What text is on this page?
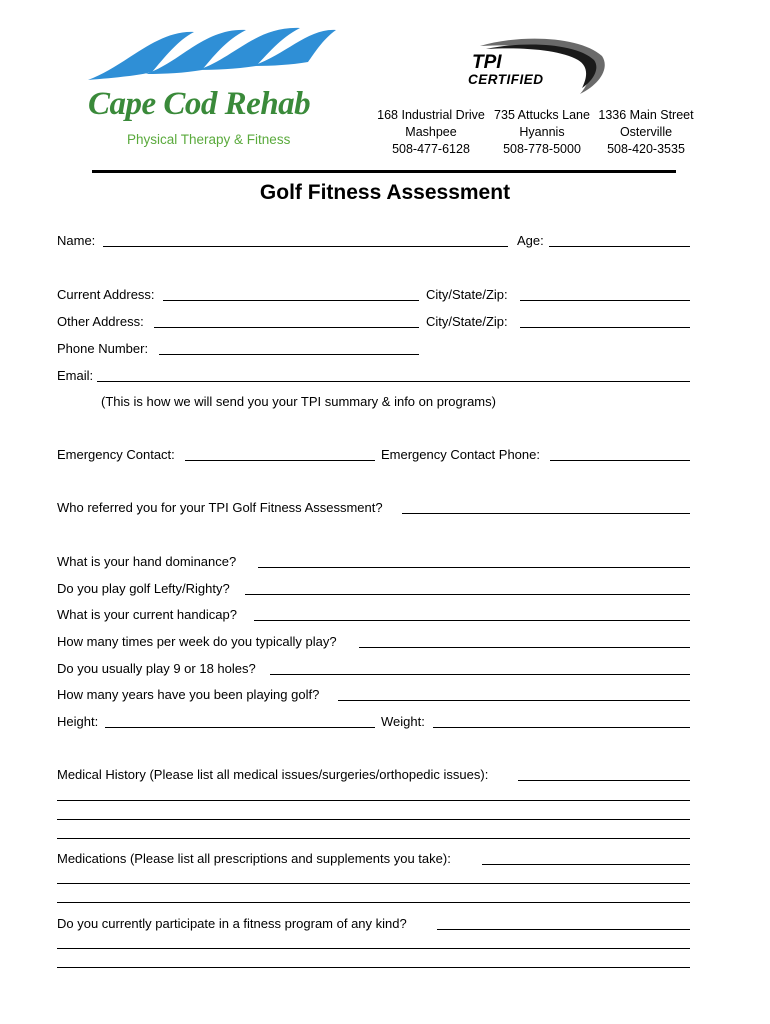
Cape Cod Rehab
Physical Therapy & Fitness
TPI
CERTIFIED
168 Industrial Drive
Mashpee
508-477-6128
735 Attucks Lane
Hyannis
508-778-5000
1336 Main Street
Osterville
508-420-3535
Golf Fitness Assessment
Name:	Age:
Current Address:	City/State/Zip:
Other Address:	City/State/Zip:
Phone Number:
Email:
(This is how we will send you your TPI summary & info on programs)
Emergency Contact:	Emergency Contact Phone:
Who referred you for your TPI Golf Fitness Assessment?
What is your hand dominance?
Do you play golf Lefty/Righty?
What is your current handicap?
How many times per week do you typically play?
Do you usually play 9 or 18 holes?
How many years have you been playing golf?
Height:	Weight:
Medical History (Please list all medical issues/surgeries/orthopedic issues):
Medications (Please list all prescriptions and supplements you take):
Do you currently participate in a fitness program of any kind?
